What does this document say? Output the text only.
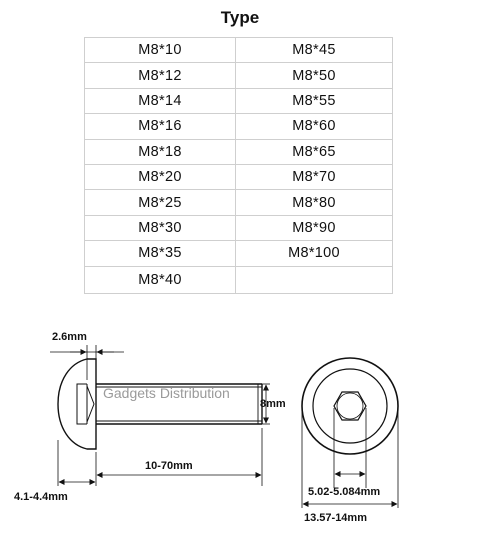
Type
M8*10	M8*45
M8*12	M8*50
M8*14	M8*55
M8*16	M8*60
M8*18	M8*65
M8*20	M8*70
M8*25	M8*80
M8*30	M8*90
M8*35	M8*100
M8*40	
2.6mm
4.1-4.4mm
10-70mm
8mm
Gadgets Distribution
5.02-5.084mm
13.57-14mm
